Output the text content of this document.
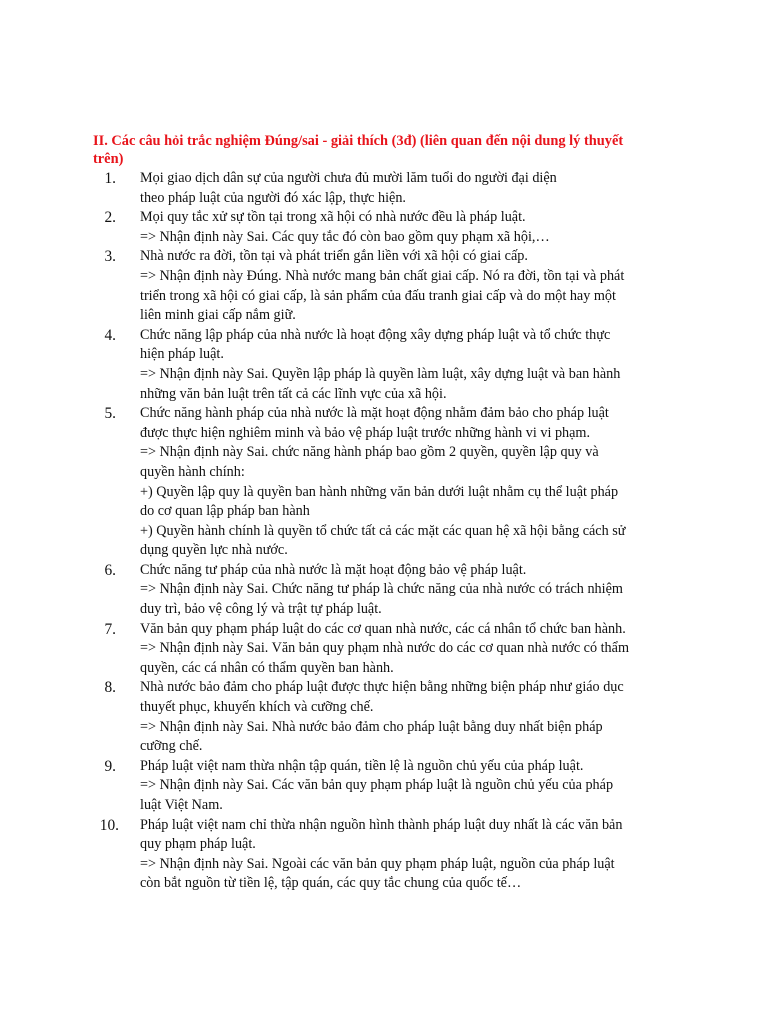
II. Các câu hỏi trắc nghiệm Đúng/sai - giải thích (3đ) (liên quan đến nội dung lý thuyết
trên)
1. Mọi giao dịch dân sự của người chưa đủ mười lăm tuổi do người đại diện
theo pháp luật của người đó xác lập, thực hiện.
2. Mọi quy tắc xử sự tồn tại trong xã hội có nhà nước đều là pháp luật.
=> Nhận định này Sai. Các quy tắc đó còn bao gồm quy phạm xã hội,…
3. Nhà nước ra đời, tồn tại và phát triển gắn liền với xã hội có giai cấp.
=> Nhận định này Đúng. Nhà nước mang bản chất giai cấp. Nó ra đời, tồn tại và phát
triển trong xã hội có giai cấp, là sản phẩm của đấu tranh giai cấp và do một hay một
liên minh giai cấp nắm giữ.
4. Chức năng lập pháp của nhà nước là hoạt động xây dựng pháp luật và tổ chức thực
hiện pháp luật.
=> Nhận định này Sai. Quyền lập pháp là quyền làm luật, xây dựng luật và ban hành
những văn bản luật trên tất cả các lĩnh vực của xã hội.
5. Chức năng hành pháp của nhà nước là mặt hoạt động nhằm đảm bảo cho pháp luật
được thực hiện nghiêm minh và bảo vệ pháp luật trước những hành vi vi phạm.
=> Nhận định này Sai. chức năng hành pháp bao gồm 2 quyền, quyền lập quy và
quyền hành chính:
+) Quyền lập quy là quyền ban hành những văn bản dưới luật nhằm cụ thể luật pháp
do cơ quan lập pháp ban hành
+) Quyền hành chính là quyền tổ chức tất cả các mặt các quan hệ xã hội bằng cách sử
dụng quyền lực nhà nước.
6. Chức năng tư pháp của nhà nước là mặt hoạt động bảo vệ pháp luật.
=> Nhận định này Sai. Chức năng tư pháp là chức năng của nhà nước có trách nhiệm
duy trì, bảo vệ công lý và trật tự pháp luật.
7. Văn bản quy phạm pháp luật do các cơ quan nhà nước, các cá nhân tổ chức ban hành.
=> Nhận định này Sai. Văn bản quy phạm nhà nước do các cơ quan nhà nước có thẩm
quyền, các cá nhân có thẩm quyền ban hành.
8. Nhà nước bảo đảm cho pháp luật được thực hiện bằng những biện pháp như giáo dục
thuyết phục, khuyến khích và cưỡng chế.
=> Nhận định này Sai. Nhà nước bảo đảm cho pháp luật bằng duy nhất biện pháp
cưỡng chế.
9. Pháp luật việt nam thừa nhận tập quán, tiền lệ là nguồn chủ yếu của pháp luật.
=> Nhận định này Sai. Các văn bản quy phạm pháp luật là nguồn chủ yếu của pháp
luật Việt Nam.
10. Pháp luật việt nam chỉ thừa nhận nguồn hình thành pháp luật duy nhất là các văn bản
quy phạm pháp luật.
=> Nhận định này Sai. Ngoài các văn bản quy phạm pháp luật, nguồn của pháp luật
còn bắt nguồn từ tiền lệ, tập quán, các quy tắc chung của quốc tế…
